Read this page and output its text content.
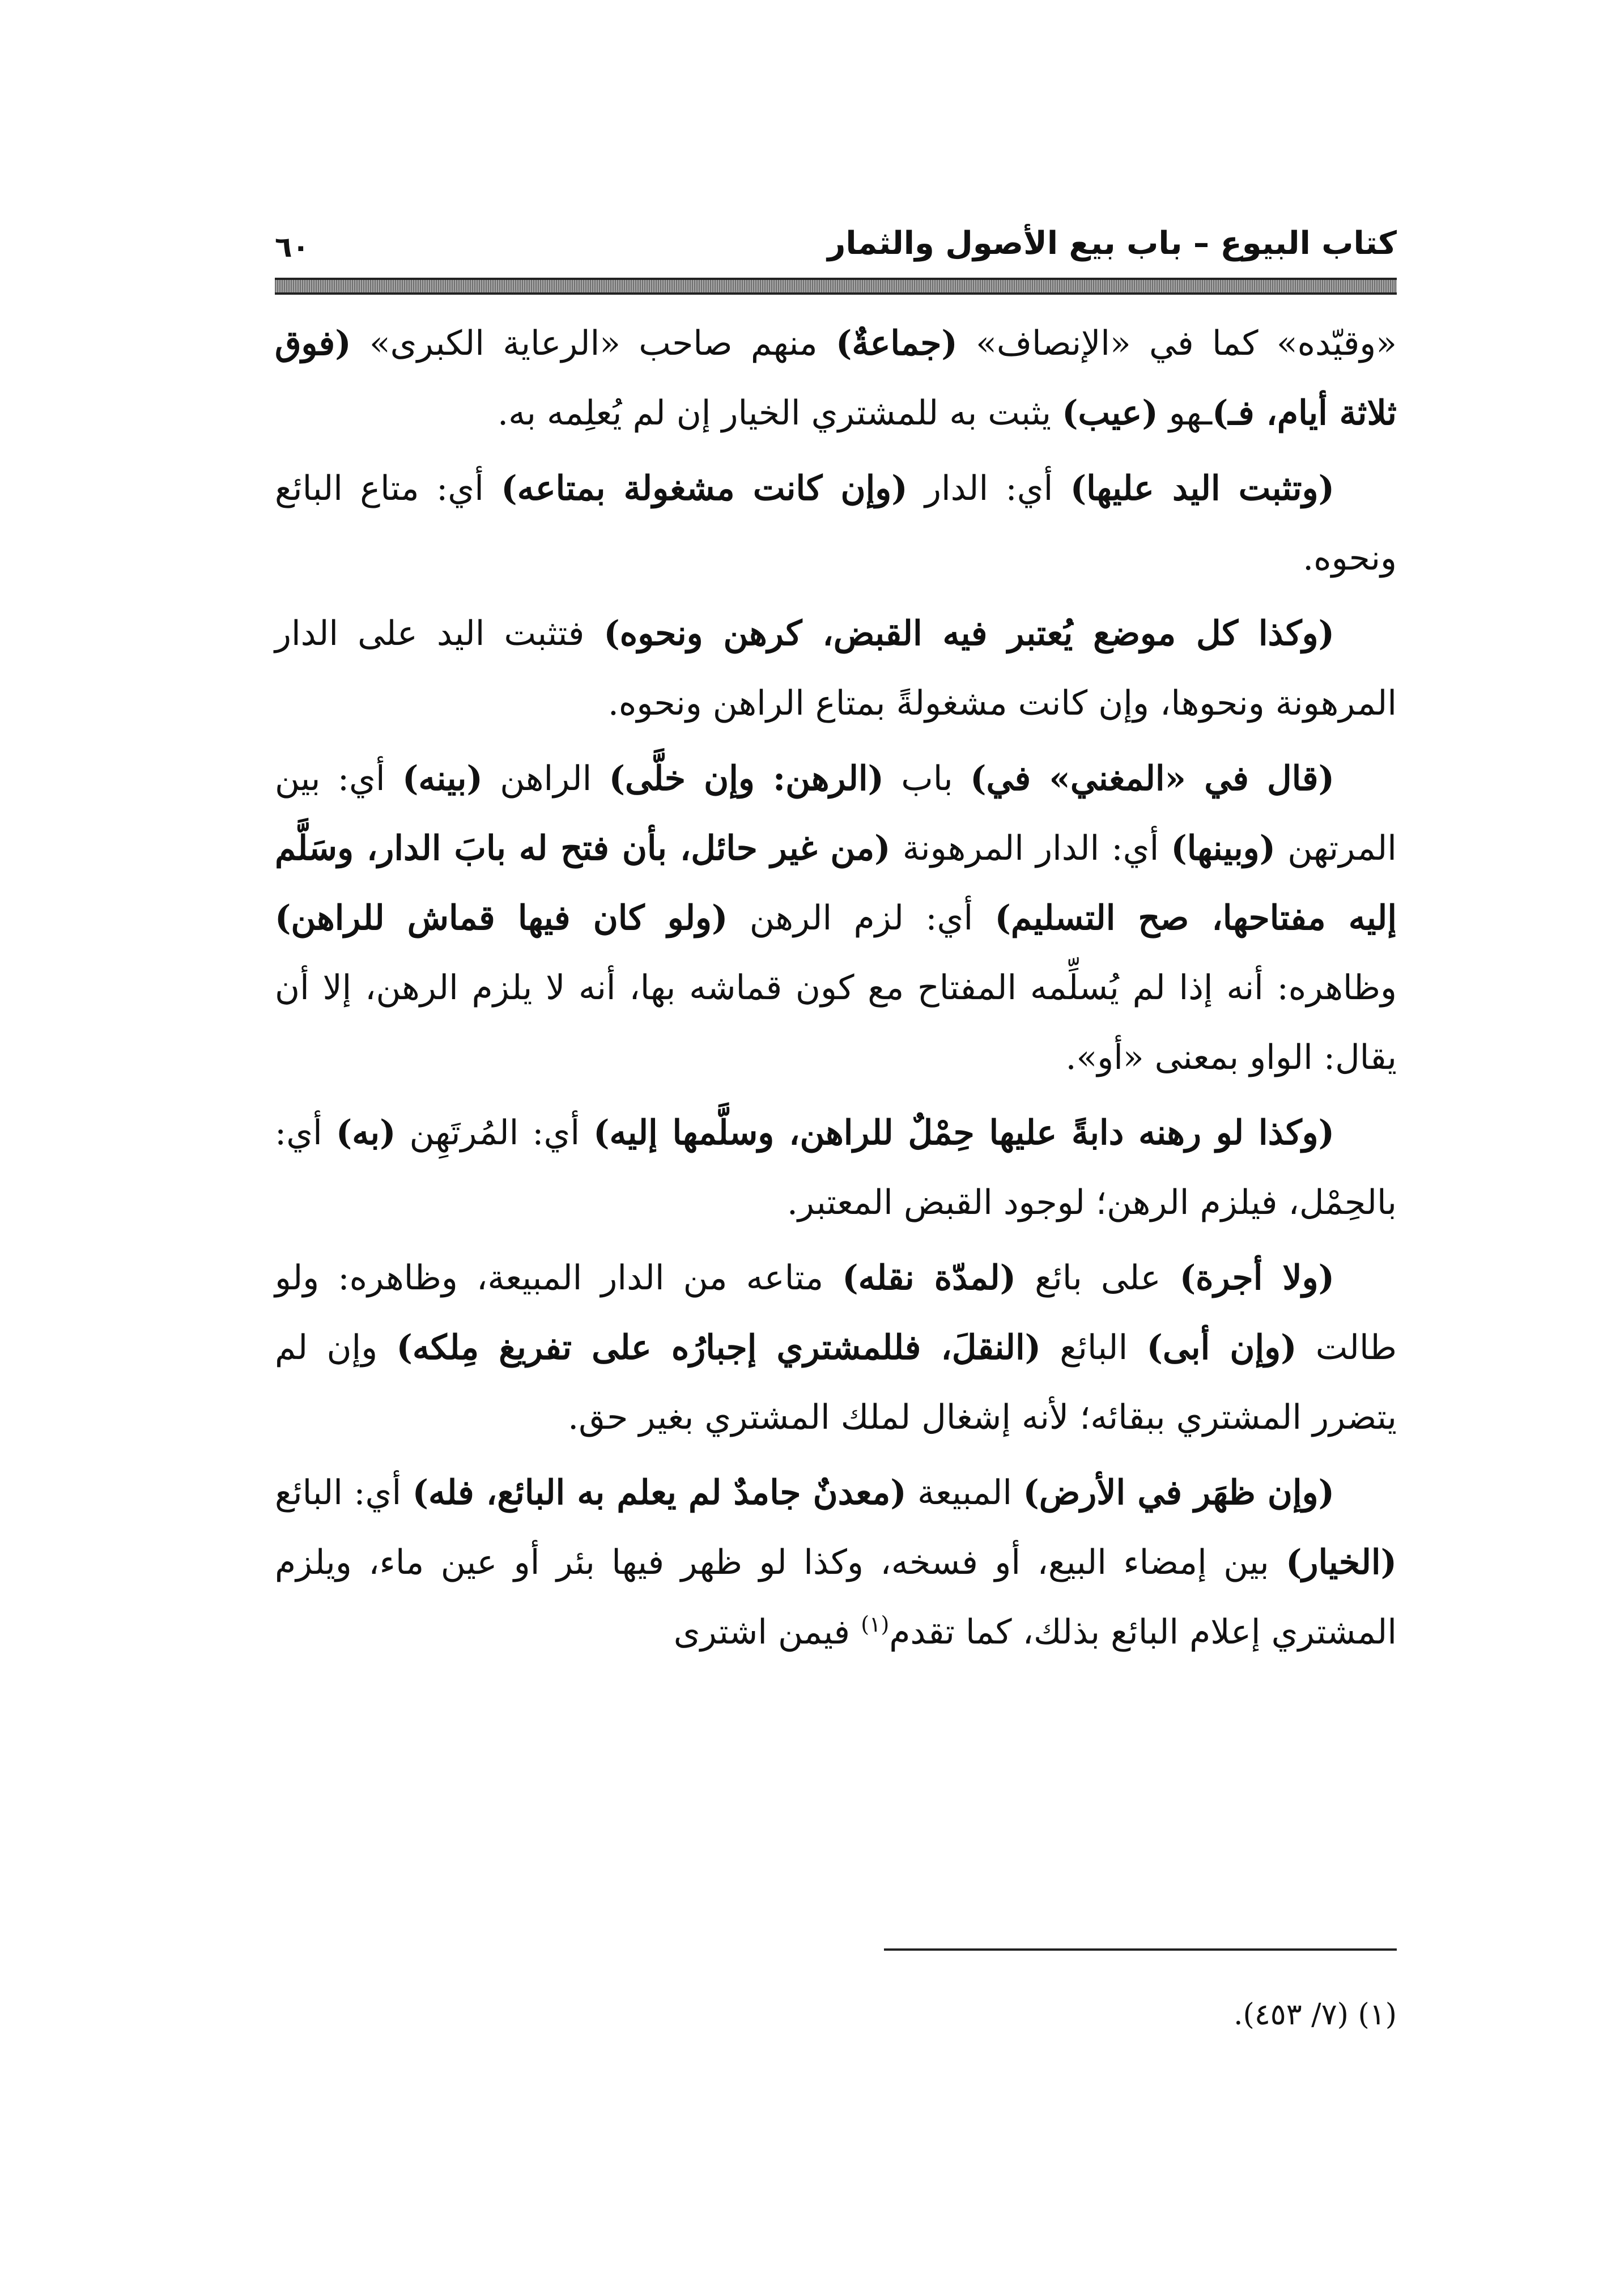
كتاب البيوع – باب بيع الأصول والثمار
٦٠

«وقيّده» كما في «الإنصاف» (جماعةٌ) منهم صاحب «الرعاية الكبرى» (فوق ثلاثة أيام، فـ)ـهو (عيب) يثبت به للمشتري الخيار إن لم يُعلِمه به.

(وتثبت اليد عليها) أي: الدار (وإن كانت مشغولة بمتاعه) أي: متاع البائع ونحوه.

(وكذا كل موضع يُعتبر فيه القبض، كرهن ونحوه) فتثبت اليد على الدار المرهونة ونحوها، وإن كانت مشغولةً بمتاع الراهن ونحوه.

(قال في «المغني» في) باب (الرهن: وإن خلَّى) الراهن (بينه) أي: بين المرتهن (وبينها) أي: الدار المرهونة (من غير حائل، بأن فتح له بابَ الدار، وسَلَّم إليه مفتاحها، صح التسليم) أي: لزم الرهن (ولو كان فيها قماش للراهن) وظاهره: أنه إذا لم يُسلِّمه المفتاح مع كون قماشه بها، أنه لا يلزم الرهن، إلا أن يقال: الواو بمعنى «أو».

(وكذا لو رهنه دابةً عليها حِمْلٌ للراهن، وسلَّمها إليه) أي: المُرتَهِن (به) أي: بالحِمْل، فيلزم الرهن؛ لوجود القبض المعتبر.

(ولا أجرة) على بائع (لمدّة نقله) متاعه من الدار المبيعة، وظاهره: ولو طالت (وإن أبى) البائع (النقلَ، فللمشتري إجبارُه على تفريغ مِلكه) وإن لم يتضرر المشتري ببقائه؛ لأنه إشغال لملك المشتري بغير حق.

(وإن ظهَر في الأرض) المبيعة (معدنٌ جامدٌ لم يعلم به البائع، فله) أي: البائع (الخيار) بين إمضاء البيع، أو فسخه، وكذا لو ظهر فيها بئر أو عين ماء، ويلزم المشتري إعلام البائع بذلك، كما تقدم$^{(١)}$ فيمن اشترى

(١) (٧/ ٤٥٣).
